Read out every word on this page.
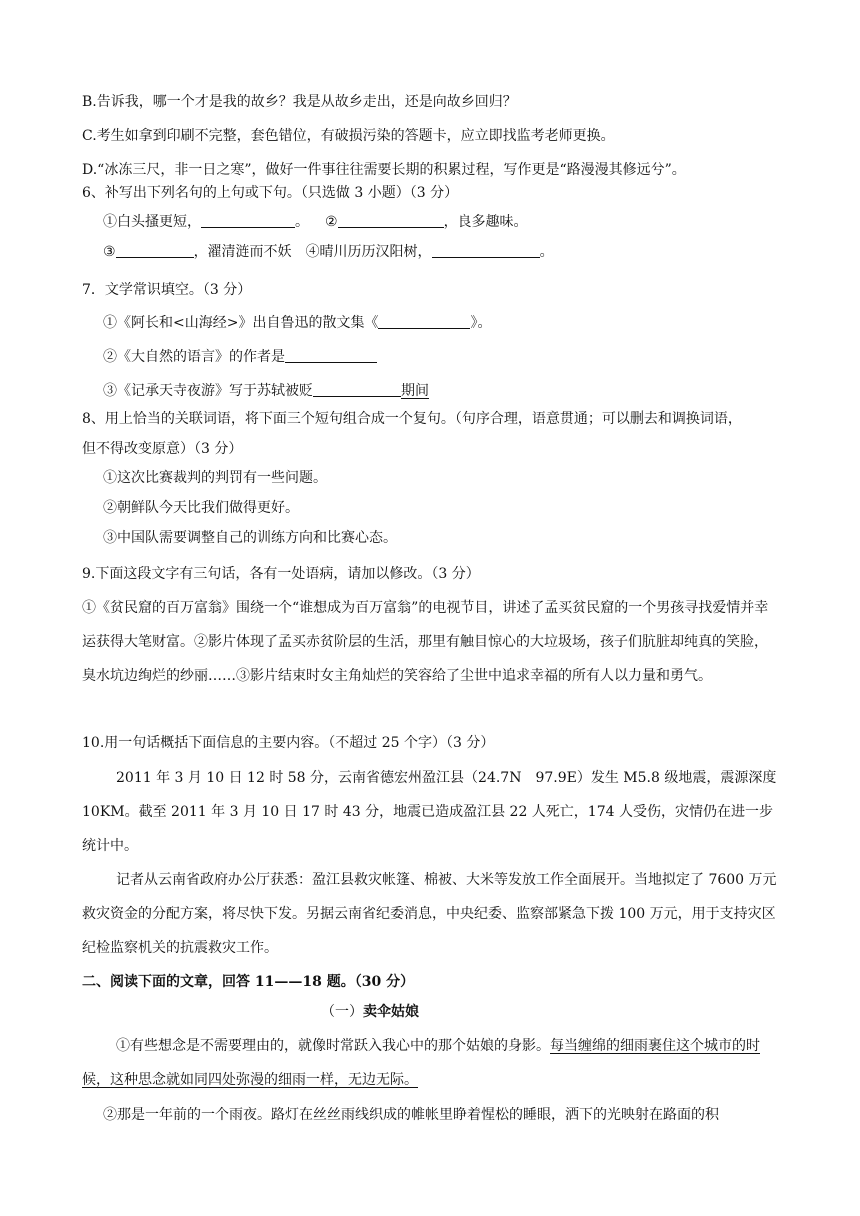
B.告诉我，哪一个才是我的故乡？我是从故乡走出，还是向故乡回归？
C.考生如拿到印刷不完整，套色错位，有破损污染的答题卡，应立即找监考老师更换。
D.“冰冻三尺，非一日之寒”，做好一件事往往需要长期的积累过程，写作更是“路漫漫其修远兮”。
6、补写出下列名句的上句或下句。（只选做 3 小题）（3 分）
①白头搔更短，	。 ②	，良多趣味。
③	，濯清涟而不妖 ④晴川历历汉阳树，	。
7．文学常识填空。（3 分）
①《阿长和<山海经>》出自鲁迅的散文集《	》。
②《大自然的语言》的作者是
③《记承天寺夜游》写于苏轼被贬	期间
8、用上恰当的关联词语，将下面三个短句组合成一个复句。（句序合理，语意贯通；可以删去和调换词语，
但不得改变原意）（3 分）
①这次比赛裁判的判罚有一些问题。
②朝鲜队今天比我们做得更好。
③中国队需要调整自己的训练方向和比赛心态。
9.下面这段文字有三句话，各有一处语病，请加以修改。（3 分）
①《贫民窟的百万富翁》围绕一个“谁想成为百万富翁”的电视节目，讲述了孟买贫民窟的一个男孩寻找爱情并幸运获得大笔财富。②影片体现了孟买赤贫阶层的生活，那里有触目惊心的大垃圾场，孩子们肮脏却纯真的笑脸，臭水坑边绚烂的纱丽……③影片结束时女主角灿烂的笑容给了尘世中追求幸福的所有人以力量和勇气。
10.用一句话概括下面信息的主要内容。（不超过 25 个字）（3 分）
2011 年 3 月 10 日 12 时 58 分，云南省德宏州盈江县（24.7N　97.9E）发生 M5.8 级地震，震源深度 10KM。截至 2011 年 3 月 10 日 17 时 43 分，地震已造成盈江县 22 人死亡，174 人受伤，灾情仍在进一步统计中。
记者从云南省政府办公厅获悉：盈江县救灾帐篷、棉被、大米等发放工作全面展开。当地拟定了 7600 万元救灾资金的分配方案，将尽快下发。另据云南省纪委消息，中央纪委、监察部紧急下拨 100 万元，用于支持灾区纪检监察机关的抗震救灾工作。
二、阅读下面的文章，回答 11——18 题。（30 分）
（一）卖伞姑娘
①有些想念是不需要理由的，就像时常跃入我心中的那个姑娘的身影。每当缠绵的细雨裹住这个城市的时候，这种思念就如同四处弥漫的细雨一样，无边无际。
②那是一年前的一个雨夜。路灯在丝丝雨线织成的帷帐里睁着惺松的睡眼，洒下的光映射在路面的积
